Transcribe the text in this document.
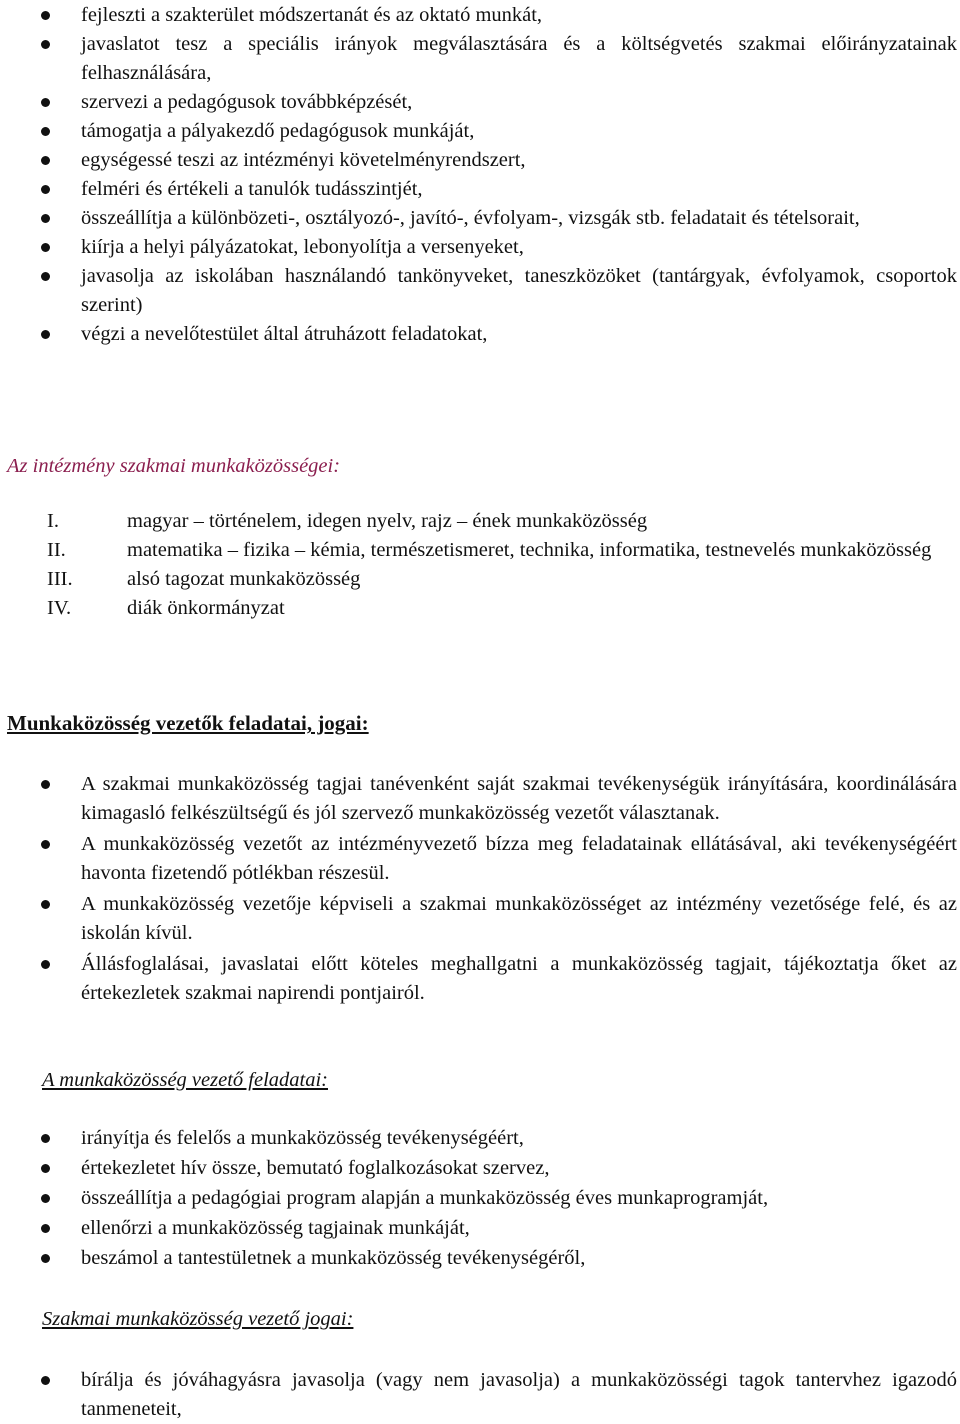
fejleszti a szakterület módszertanát és az oktató munkát,
javaslatot tesz a speciális irányok megválasztására és a költségvetés szakmai előirányzatainak felhasználására,
szervezi a pedagógusok továbbképzését,
támogatja a pályakezdő pedagógusok munkáját,
egységessé teszi az intézményi követelményrendszert,
felméri és értékeli a tanulók tudásszintjét,
összeállítja a különbözeti-, osztályozó-, javító-, évfolyam-, vizsgák stb. feladatait és tételsorait,
kiírja a helyi pályázatokat, lebonyolítja a versenyeket,
javasolja az iskolában használandó tankönyveket, taneszközöket (tantárgyak, évfolyamok, csoportok szerint)
végzi a nevelőtestület által átruházott feladatokat,
Az intézmény szakmai munkaközösségei:
I.	magyar – történelem, idegen nyelv, rajz – ének munkaközösség
II.	matematika – fizika – kémia, természetismeret, technika, informatika, testnevelés munkaközösség
III.	alsó tagozat munkaközösség
IV.	diák önkormányzat
Munkaközösség vezetők feladatai, jogai:
A szakmai munkaközösség tagjai tanévenként saját szakmai tevékenységük irányítására, koordinálására kimagasló felkészültségű és jól szervező munkaközösség vezetőt választanak.
A munkaközösség vezetőt az intézményvezető bízza meg feladatainak ellátásával, aki tevékenységéért havonta fizetendő pótlékban részesül.
A munkaközösség vezetője képviseli a szakmai munkaközösséget az intézmény vezetősége felé, és az iskolán kívül.
Állásfoglalásai, javaslatai előtt köteles meghallgatni a munkaközösség tagjait, tájékoztatja őket az értekezletek szakmai napirendi pontjairól.
A munkaközösség vezető feladatai:
irányítja és felelős a munkaközösség tevékenységéért,
értekezletet hív össze, bemutató foglalkozásokat szervez,
összeállítja a pedagógiai program alapján a munkaközösség éves munkaprogramját,
ellenőrzi a munkaközösség tagjainak munkáját,
beszámol a tantestületnek a munkaközösség tevékenységéről,
Szakmai munkaközösség vezető jogai:
bírálja és jóváhagyásra javasolja (vagy nem javasolja) a munkaközösségi tagok tantervhez igazodó tanmeneteit,
